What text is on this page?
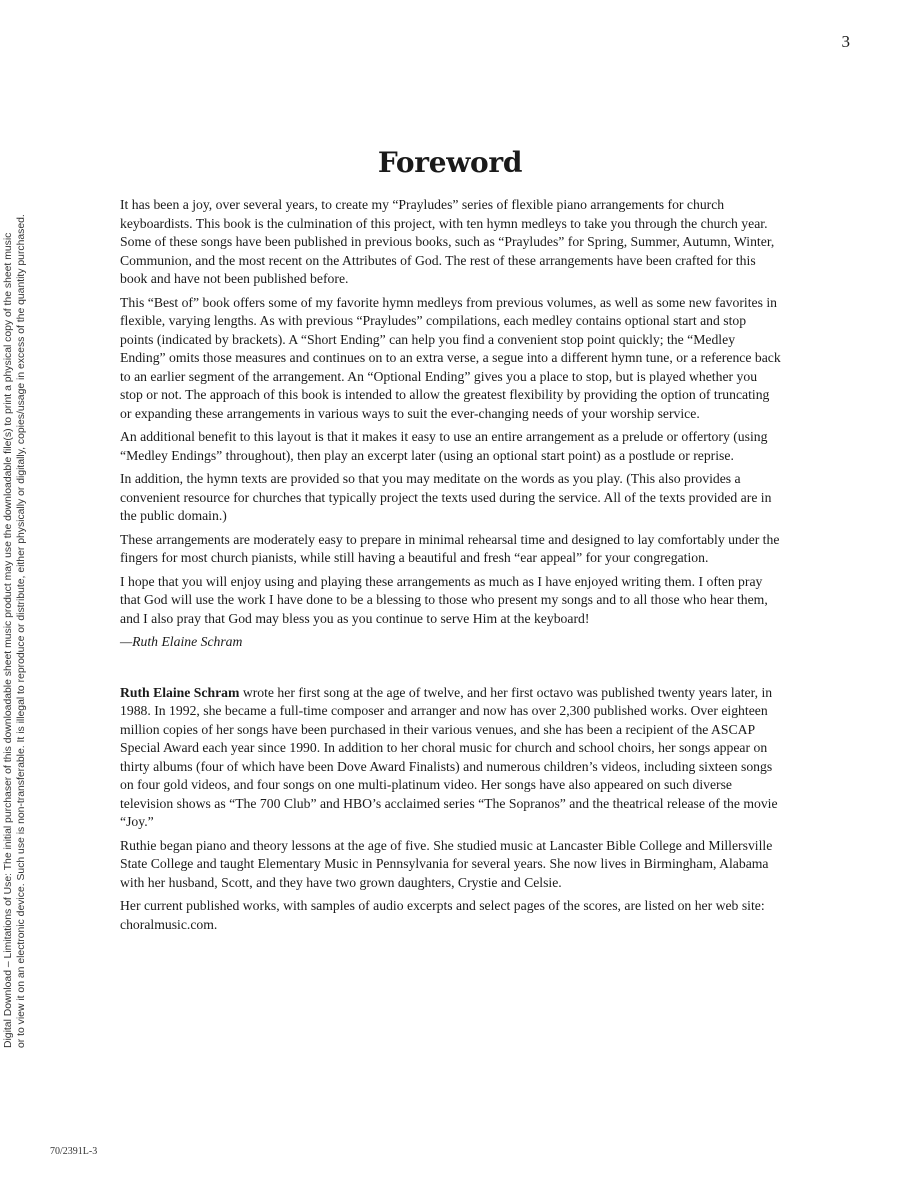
3
Digital Download – Limitations of Use: The initial purchaser of this downloadable sheet music product may use the downloadable file(s) to print a physical copy of the sheet music or to view it on an electronic device. Such use is non-transferable. It is illegal to reproduce or distribute, either physically or digitally, copies/usage in excess of the quantity purchased.
Foreword

It has been a joy, over several years, to create my “Prayludes” series of flexible piano arrangements for church keyboardists. This book is the culmination of this project, with ten hymn medleys to take you through the church year. Some of these songs have been published in previous books, such as “Prayludes” for Spring, Summer, Autumn, Winter, Communion, and the most recent on the Attributes of God. The rest of these arrangements have been crafted for this book and have not been published before.

This “Best of” book offers some of my favorite hymn medleys from previous volumes, as well as some new favorites in flexible, varying lengths. As with previous “Prayludes” compilations, each medley contains optional start and stop points (indicated by brackets). A “Short Ending” can help you find a convenient stop point quickly; the “Medley Ending” omits those measures and continues on to an extra verse, a segue into a different hymn tune, or a reference back to an earlier segment of the arrangement. An “Optional Ending” gives you a place to stop, but is played whether you stop or not. The approach of this book is intended to allow the greatest flexibility by providing the option of truncating or expanding these arrangements in various ways to suit the ever-changing needs of your worship service.

An additional benefit to this layout is that it makes it easy to use an entire arrangement as a prelude or offertory (using “Medley Endings” throughout), then play an excerpt later (using an optional start point) as a postlude or reprise.

In addition, the hymn texts are provided so that you may meditate on the words as you play. (This also provides a convenient resource for churches that typically project the texts used during the service. All of the texts provided are in the public domain.)

These arrangements are moderately easy to prepare in minimal rehearsal time and designed to lay comfortably under the fingers for most church pianists, while still having a beautiful and fresh “ear appeal” for your congregation.

I hope that you will enjoy using and playing these arrangements as much as I have enjoyed writing them. I often pray that God will use the work I have done to be a blessing to those who present my songs and to all those who hear them, and I also pray that God may bless you as you continue to serve Him at the keyboard!

—Ruth Elaine Schram

Ruth Elaine Schram wrote her first song at the age of twelve, and her first octavo was published twenty years later, in 1988. In 1992, she became a full-time composer and arranger and now has over 2,300 published works. Over eighteen million copies of her songs have been purchased in their various venues, and she has been a recipient of the ASCAP Special Award each year since 1990. In addition to her choral music for church and school choirs, her songs appear on thirty albums (four of which have been Dove Award Finalists) and numerous children’s videos, including sixteen songs on four gold videos, and four songs on one multi-platinum video. Her songs have also appeared on such diverse television shows as “The 700 Club” and HBO’s acclaimed series “The Sopranos” and the theatrical release of the movie “Joy.”

Ruthie began piano and theory lessons at the age of five. She studied music at Lancaster Bible College and Millersville State College and taught Elementary Music in Pennsylvania for several years. She now lives in Birmingham, Alabama with her husband, Scott, and they have two grown daughters, Crystie and Celsie.

Her current published works, with samples of audio excerpts and select pages of the scores, are listed on her web site: choralmusic.com.

70/2391L-3
